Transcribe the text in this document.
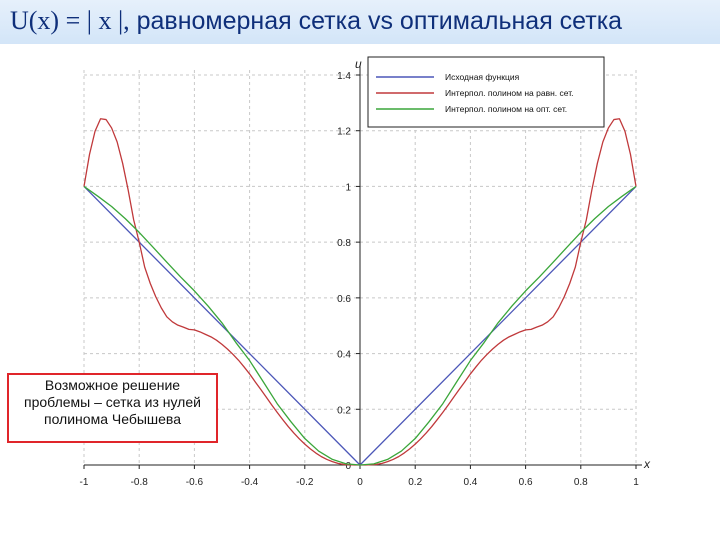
U(x) = | x |, равномерная сетка vs оптимальная сетка
0
0.2
0.4
0.6
0.8
1
1.2
1.4
-1	-0.8	-0.6	-0.4	-0.2	0	0.2	0.4	0.6	0.8	1
x
u
Исходная функция
Интерпол. полином на равн. сет.
Интерпол. полином на опт. сет.
Возможное решение проблемы – сетка из нулей полинома Чебышева
